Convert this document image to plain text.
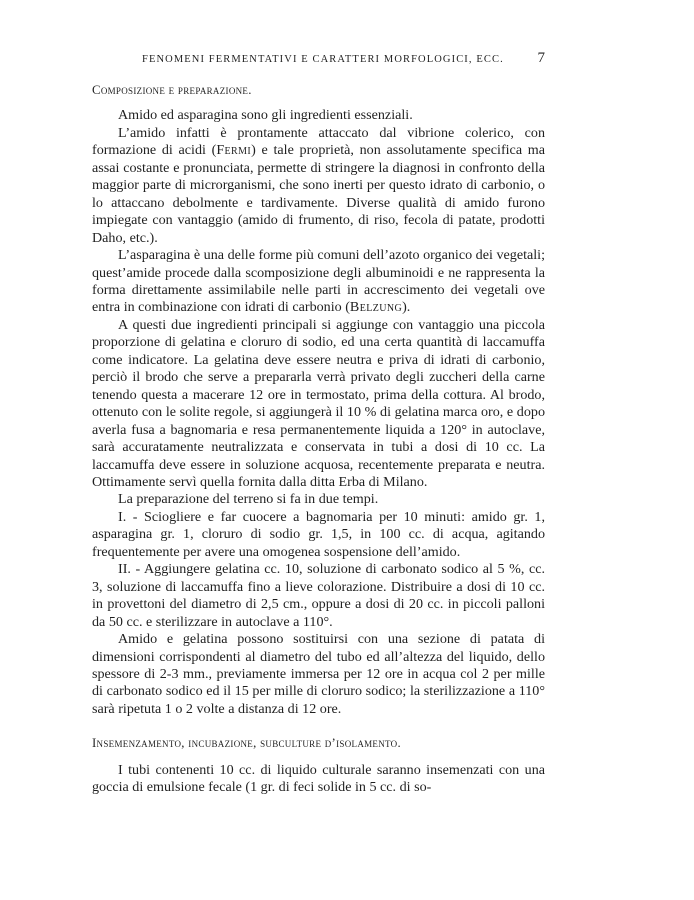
FENOMENI FERMENTATIVI E CARATTERI MORFOLOGICI, ECC. 7
Composizione e preparazione.

Amido ed asparagina sono gli ingredienti essenziali.

L’amido infatti è prontamente attaccato dal vibrione colerico, con formazione di acidi (Fermi) e tale proprietà, non assolutamente specifica ma assai costante e pronunciata, permette di stringere la diagnosi in confronto della maggior parte di microrganismi, che sono inerti per questo idrato di carbonio, o lo attaccano debolmente e tardivamente. Diverse qualità di amido furono impiegate con vantaggio (amido di frumento, di riso, fecola di patate, prodotti Daho, etc.).

L’asparagina è una delle forme più comuni dell’azoto organico dei vegetali; quest’amide procede dalla scomposizione degli albuminoidi e ne rappresenta la forma direttamente assimilabile nelle parti in accrescimento dei vegetali ove entra in combinazione con idrati di carbonio (Belzung).

A questi due ingredienti principali si aggiunge con vantaggio una piccola proporzione di gelatina e cloruro di sodio, ed una certa quantità di laccamuffa come indicatore. La gelatina deve essere neutra e priva di idrati di carbonio, perciò il brodo che serve a prepararla verrà privato degli zuccheri della carne tenendo questa a macerare 12 ore in termostato, prima della cottura. Al brodo, ottenuto con le solite regole, si aggiungerà il 10 % di gelatina marca oro, e dopo averla fusa a bagnomaria e resa permanentemente liquida a 120° in autoclave, sarà accuratamente neutralizzata e conservata in tubi a dosi di 10 cc. La laccamuffa deve essere in soluzione acquosa, recentemente preparata e neutra. Ottimamente servì quella fornita dalla ditta Erba di Milano.

La preparazione del terreno si fa in due tempi.

I. - Sciogliere e far cuocere a bagnomaria per 10 minuti: amido gr. 1, asparagina gr. 1, cloruro di sodio gr. 1,5, in 100 cc. di acqua, agitando frequentemente per avere una omogenea sospensione dell’amido.

II. - Aggiungere gelatina cc. 10, soluzione di carbonato sodico al 5 %, cc. 3, soluzione di laccamuffa fino a lieve colorazione. Distribuire a dosi di 10 cc. in provettoni del diametro di 2,5 cm., oppure a dosi di 20 cc. in piccoli palloni da 50 cc. e sterilizzare in autoclave a 110°.

Amido e gelatina possono sostituirsi con una sezione di patata di dimensioni corrispondenti al diametro del tubo ed all’altezza del liquido, dello spessore di 2-3 mm., previamente immersa per 12 ore in acqua col 2 per mille di carbonato sodico ed il 15 per mille di cloruro sodico; la sterilizzazione a 110° sarà ripetuta 1 o 2 volte a distanza di 12 ore.

Insemenzamento, incubazione, subculture d’isolamento.

I tubi contenenti 10 cc. di liquido culturale saranno insemenzati con una goccia di emulsione fecale (1 gr. di feci solide in 5 cc. di so-
